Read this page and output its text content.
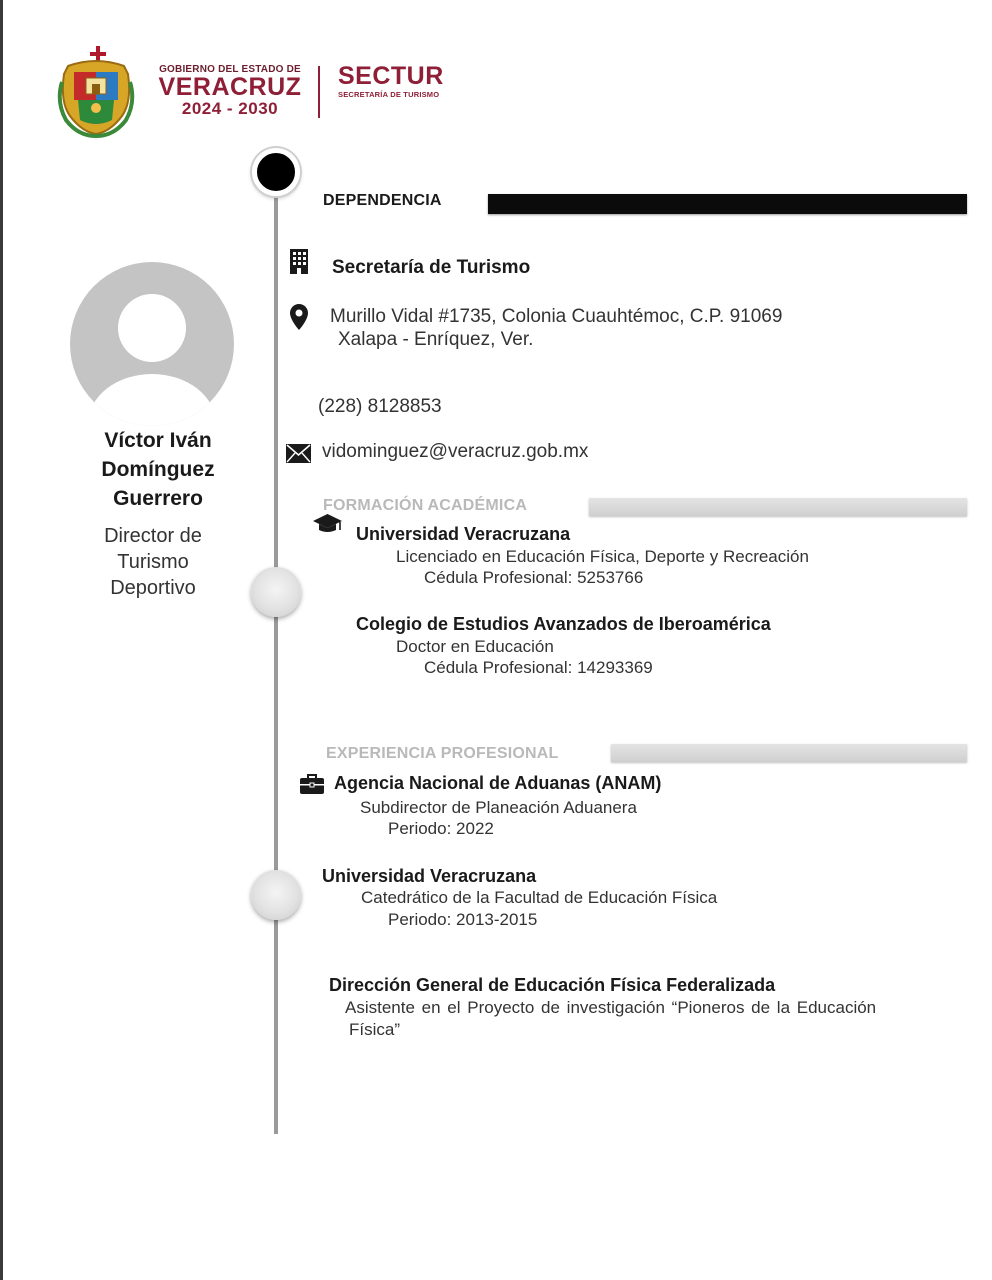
GOBIERNO DEL ESTADO DE
VERACRUZ
2024 - 2030
SECTUR
SECRETARÍA DE TURISMO
Víctor Iván
Domínguez
Guerrero
Director de
Turismo
Deportivo
DEPENDENCIA
Secretaría de Turismo
Murillo Vidal #1735, Colonia Cuauhtémoc, C.P. 91069
Xalapa - Enríquez, Ver.
(228) 8128853
vidominguez@veracruz.gob.mx
FORMACIÓN ACADÉMICA
Universidad Veracruzana
Licenciado en Educación Física, Deporte y Recreación
Cédula Profesional: 5253766
Colegio de Estudios Avanzados de Iberoamérica
Doctor en Educación
Cédula Profesional: 14293369
EXPERIENCIA PROFESIONAL
Agencia Nacional de Aduanas (ANAM)
Subdirector de Planeación Aduanera
Periodo: 2022
Universidad Veracruzana
Catedrático de la Facultad de Educación Física
Periodo: 2013-2015
Dirección General de Educación Física Federalizada
Asistente en el Proyecto de investigación “Pioneros de la Educación
Física”
